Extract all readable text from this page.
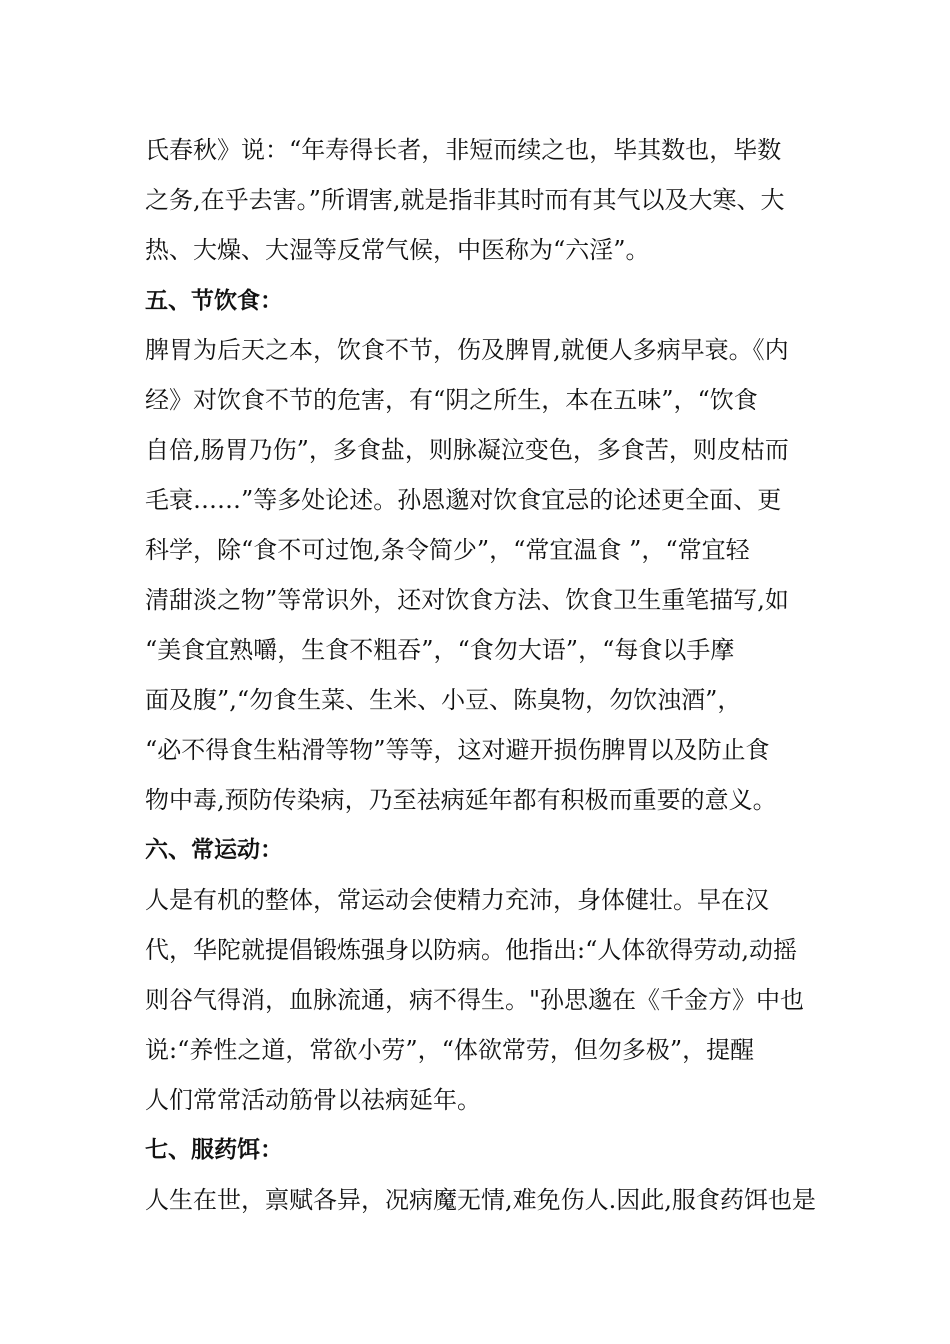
氏春秋》说：“年寿得长者，非短而续之也，毕其数也，毕数
之务,在乎去害。”所谓害,就是指非其时而有其气以及大寒、大
热、大燥、大湿等反常气候，中医称为“六淫”。
五、节饮食：
脾胃为后天之本，饮食不节，伤及脾胃,就便人多病早衰。《内
经》对饮食不节的危害，有“阴之所生，本在五味”，“饮食
自倍,肠胃乃伤”，多食盐，则脉凝泣变色，多食苦，则皮枯而
毛衰……”等多处论述。孙恩邈对饮食宜忌的论述更全面、更
科学，除“食不可过饱,条令简少”，“常宜温食 ”，“常宜轻
清甜淡之物”等常识外，还对饮食方法、饮食卫生重笔描写,如
“美食宜熟嚼，生食不粗吞”，“食勿大语”，“每食以手摩
面及腹”,“勿食生菜、生米、小豆、陈臭物，勿饮浊酒”，
“必不得食生粘滑等物”等等，这对避开损伤脾胃以及防止食
物中毒,预防传染病，乃至祛病延年都有积极而重要的意义。
六、常运动：
人是有机的整体，常运动会使精力充沛，身体健壮。早在汉
代，华陀就提倡锻炼强身以防病。他指出:“人体欲得劳动,动摇
则谷气得消，血脉流通，病不得生。"孙思邈在《千金方》中也
说:“养性之道，常欲小劳”，“体欲常劳，但勿多极”，提醒
人们常常活动筋骨以祛病延年。
七、服药饵：
人生在世，禀赋各异，况病魔无情,难免伤人.因此,服食药饵也是
